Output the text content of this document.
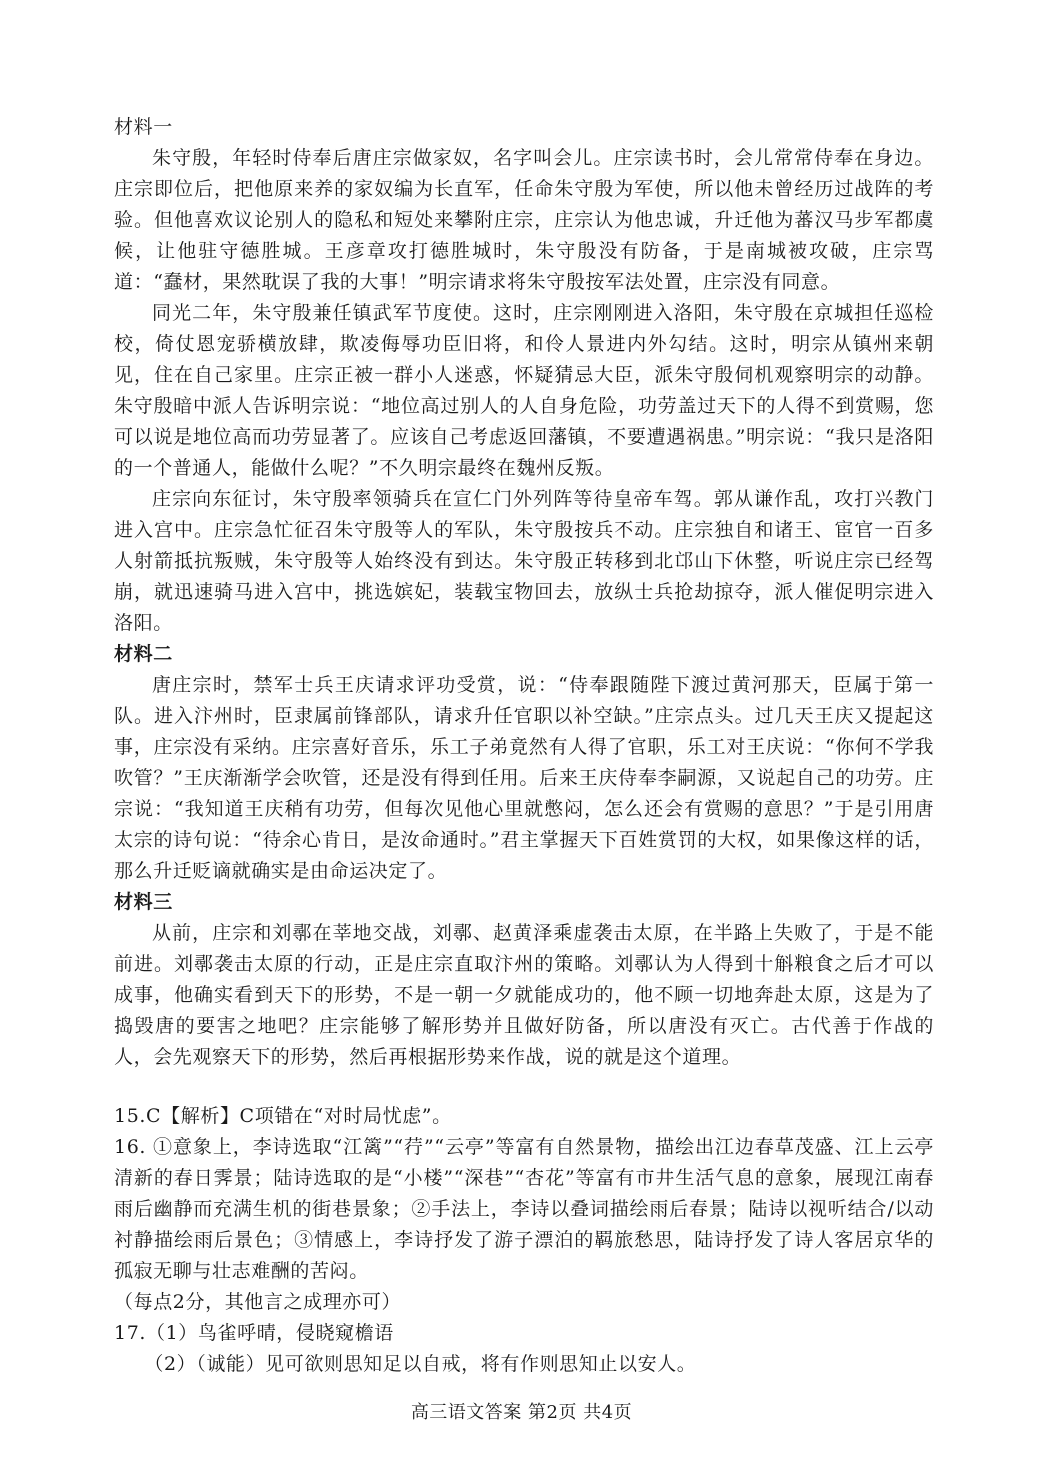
材料一

朱守殷，年轻时侍奉后唐庄宗做家奴，名字叫会儿。庄宗读书时，会儿常常侍奉在身边。庄宗即位后，把他原来养的家奴编为长直军，任命朱守殷为军使，所以他未曾经历过战阵的考验。但他喜欢议论别人的隐私和短处来攀附庄宗，庄宗认为他忠诚，升迁他为蕃汉马步军都虞候，让他驻守德胜城。王彦章攻打德胜城时，朱守殷没有防备，于是南城被攻破，庄宗骂道：“蠢材，果然耽误了我的大事！”明宗请求将朱守殷按军法处置，庄宗没有同意。

同光二年，朱守殷兼任镇武军节度使。这时，庄宗刚刚进入洛阳，朱守殷在京城担任巡检校，倚仗恩宠骄横放肆，欺凌侮辱功臣旧将，和伶人景进内外勾结。这时，明宗从镇州来朝见，住在自己家里。庄宗正被一群小人迷惑，怀疑猜忌大臣，派朱守殷伺机观察明宗的动静。朱守殷暗中派人告诉明宗说：“地位高过别人的人自身危险，功劳盖过天下的人得不到赏赐，您可以说是地位高而功劳显著了。应该自己考虑返回藩镇，不要遭遇祸患。”明宗说：“我只是洛阳的一个普通人，能做什么呢？”不久明宗最终在魏州反叛。

庄宗向东征讨，朱守殷率领骑兵在宣仁门外列阵等待皇帝车驾。郭从谦作乱，攻打兴教门进入宫中。庄宗急忙征召朱守殷等人的军队，朱守殷按兵不动。庄宗独自和诸王、宦官一百多人射箭抵抗叛贼，朱守殷等人始终没有到达。朱守殷正转移到北邙山下休整，听说庄宗已经驾崩，就迅速骑马进入宫中，挑选嫔妃，装载宝物回去，放纵士兵抢劫掠夺，派人催促明宗进入洛阳。

材料二

唐庄宗时，禁军士兵王庆请求评功受赏，说：“侍奉跟随陛下渡过黄河那天，臣属于第一队。进入汴州时，臣隶属前锋部队，请求升任官职以补空缺。”庄宗点头。过几天王庆又提起这事，庄宗没有采纳。庄宗喜好音乐，乐工子弟竟然有人得了官职，乐工对王庆说：“你何不学我吹管？”王庆渐渐学会吹管，还是没有得到任用。后来王庆侍奉李嗣源，又说起自己的功劳。庄宗说：“我知道王庆稍有功劳，但每次见他心里就憋闷，怎么还会有赏赐的意思？”于是引用唐太宗的诗句说：“待余心肯日，是汝命通时。”君主掌握天下百姓赏罚的大权，如果像这样的话，那么升迁贬谪就确实是由命运决定了。

材料三

从前，庄宗和刘鄩在莘地交战，刘鄩、赵黄泽乘虚袭击太原，在半路上失败了，于是不能前进。刘鄩袭击太原的行动，正是庄宗直取汴州的策略。刘鄩认为人得到十斛粮食之后才可以成事，他确实看到天下的形势，不是一朝一夕就能成功的，他不顾一切地奔赴太原，这是为了捣毁唐的要害之地吧？庄宗能够了解形势并且做好防备，所以唐没有灭亡。古代善于作战的人，会先观察天下的形势，然后再根据形势来作战，说的就是这个道理。

15.C【解析】C项错在“对时局忧虑”。

16. ①意象上，李诗选取“江篱”“荇”“云亭”等富有自然景物，描绘出江边春草茂盛、江上云亭清新的春日霁景；陆诗选取的是“小楼”“深巷”“杏花”等富有市井生活气息的意象，展现江南春雨后幽静而充满生机的街巷景象；②手法上，李诗以叠词描绘雨后春景；陆诗以视听结合/以动衬静描绘雨后景色；③情感上，李诗抒发了游子漂泊的羁旅愁思，陆诗抒发了诗人客居京华的孤寂无聊与壮志难酬的苦闷。

（每点2分，其他言之成理亦可）

17.（1）鸟雀呼晴，侵晓窥檐语

（2）（诚能）见可欲则思知足以自戒，将有作则思知止以安人。

高三语文答案 第2页 共4页
